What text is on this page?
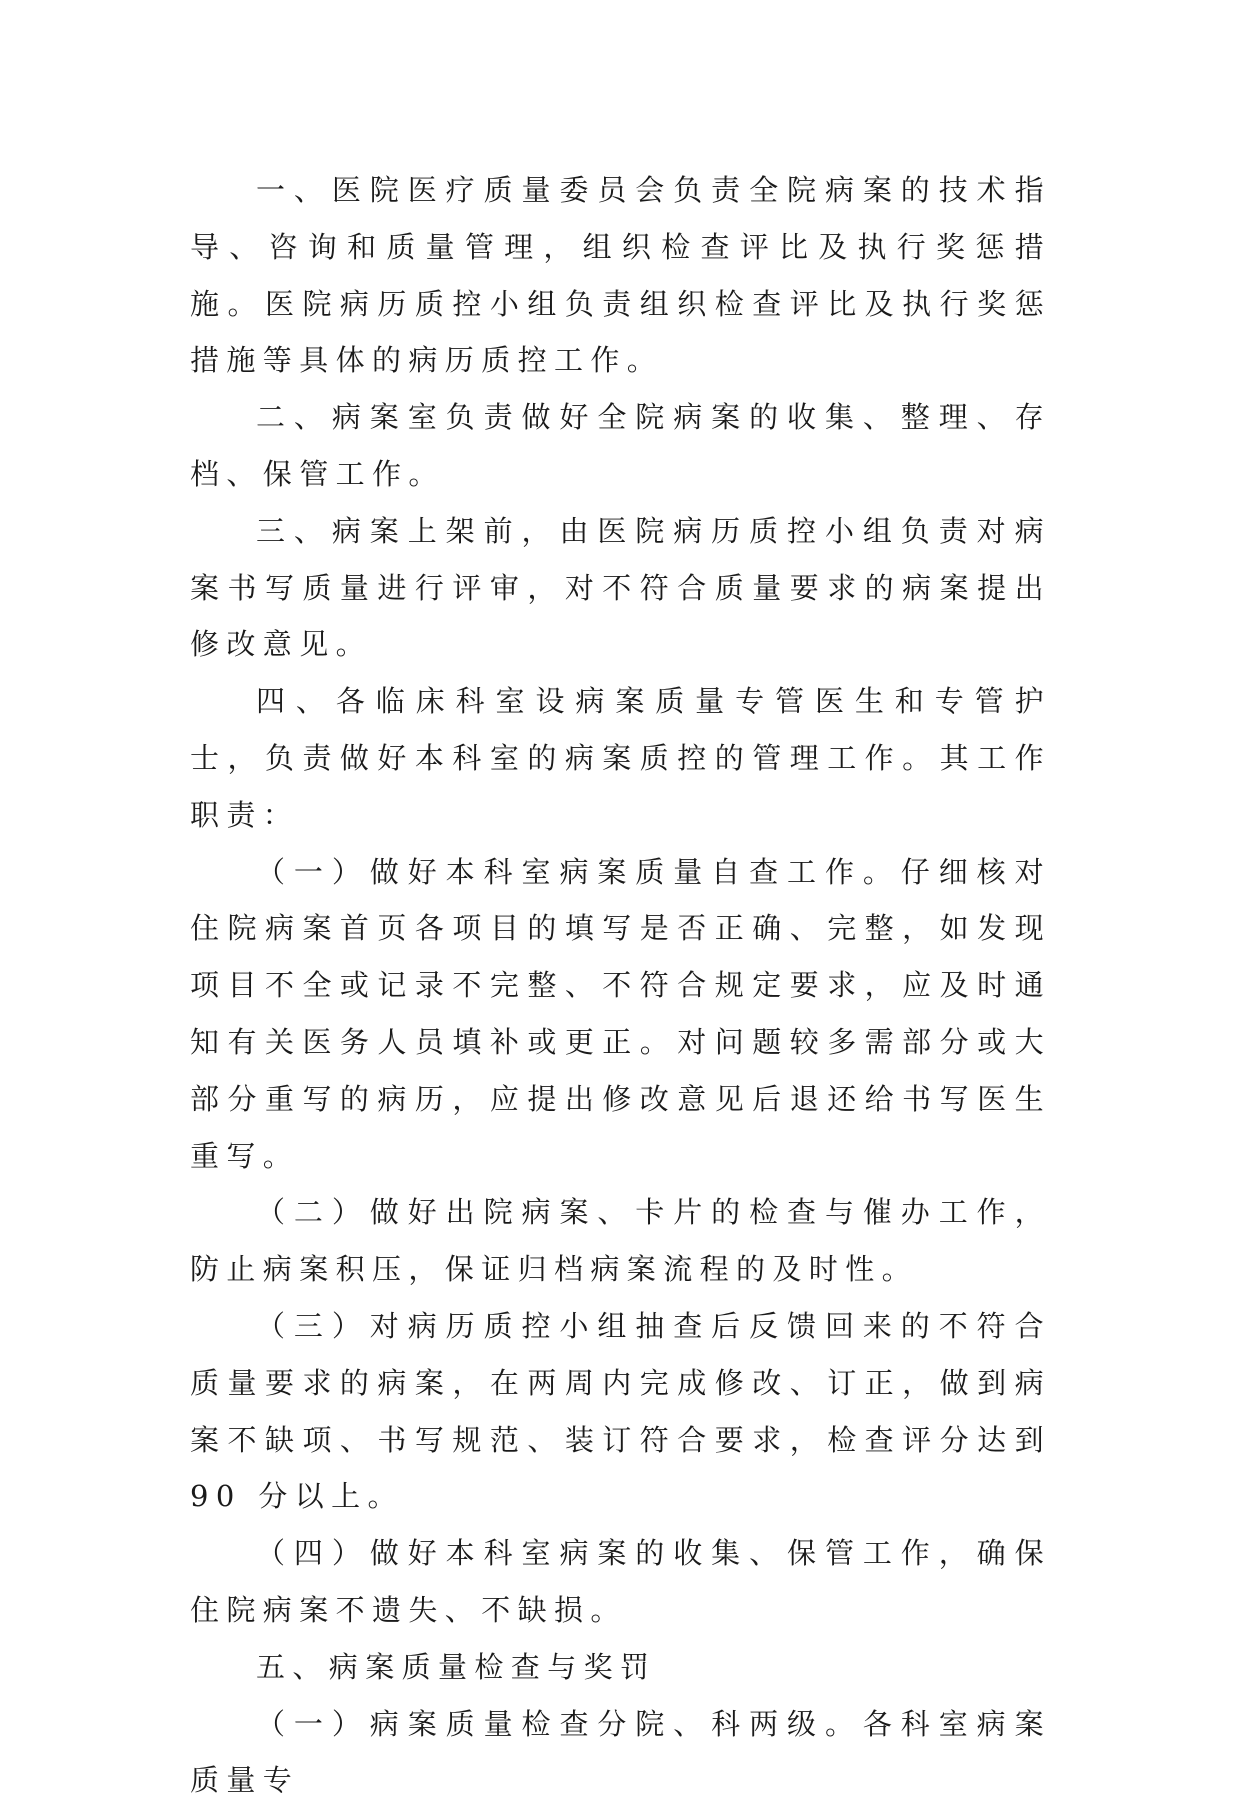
一、医院医疗质量委员会负责全院病案的技术指导、咨询和质量管理，组织检查评比及执行奖惩措施。医院病历质控小组负责组织检查评比及执行奖惩措施等具体的病历质控工作。

二、病案室负责做好全院病案的收集、整理、存档、保管工作。

三、病案上架前，由医院病历质控小组负责对病案书写质量进行评审，对不符合质量要求的病案提出修改意见。

四、各临床科室设病案质量专管医生和专管护士，负责做好本科室的病案质控的管理工作。其工作职责：

（一）做好本科室病案质量自查工作。仔细核对住院病案首页各项目的填写是否正确、完整，如发现项目不全或记录不完整、不符合规定要求，应及时通知有关医务人员填补或更正。对问题较多需部分或大部分重写的病历，应提出修改意见后退还给书写医生重写。

（二）做好出院病案、卡片的检查与催办工作，防止病案积压，保证归档病案流程的及时性。

（三）对病历质控小组抽查后反馈回来的不符合质量要求的病案，在两周内完成修改、订正，做到病案不缺项、书写规范、装订符合要求，检查评分达到 90 分以上。

（四）做好本科室病案的收集、保管工作，确保住院病案不遗失、不缺损。

五、病案质量检查与奖罚

（一）病案质量检查分院、科两级。各科室病案质量专
